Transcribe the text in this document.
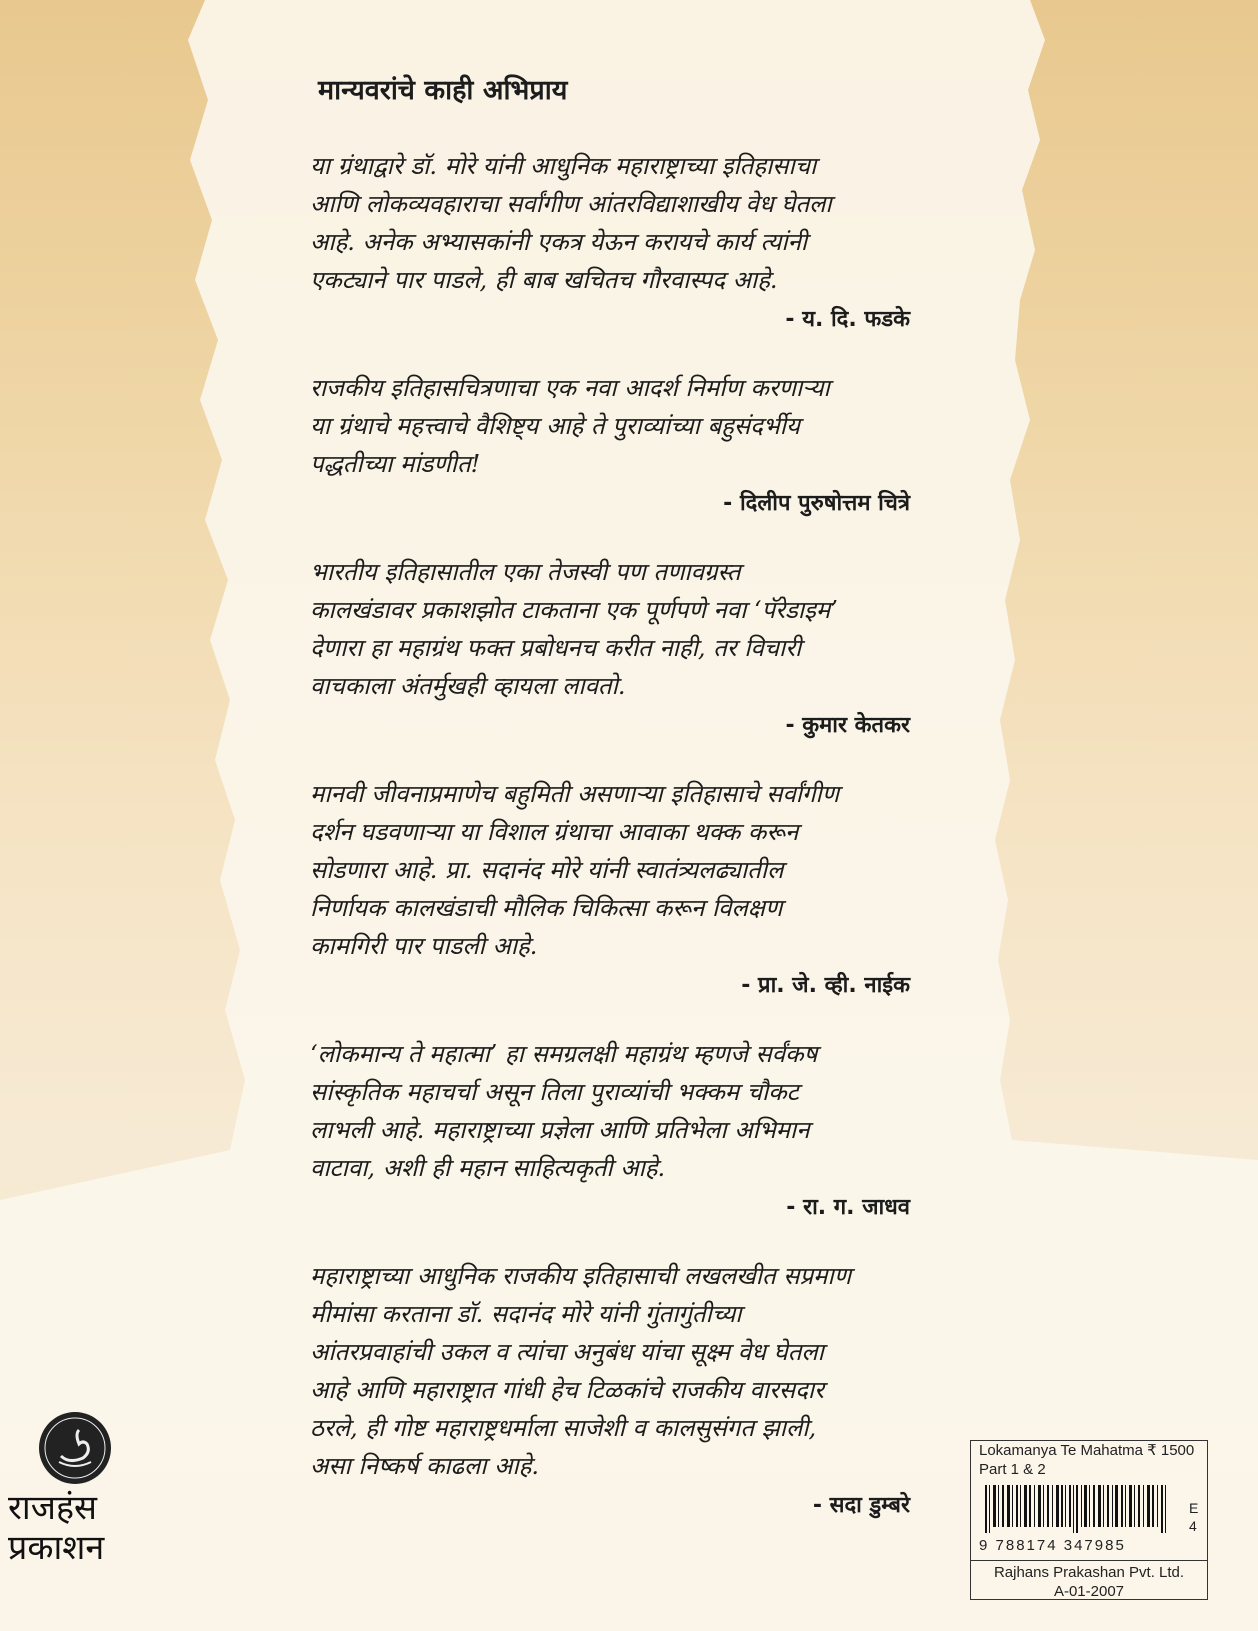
मान्यवरांचे काही अभिप्राय

या ग्रंथाद्वारे डॉ. मोरे यांनी आधुनिक महाराष्ट्राच्या इतिहासाचा
आणि लोकव्यवहाराचा सर्वांगीण आंतरविद्याशाखीय वेध घेतला
आहे. अनेक अभ्यासकांनी एकत्र येऊन करायचे कार्य त्यांनी
एकट्याने पार पाडले, ही बाब खचितच गौरवास्पद आहे.

- य. दि. फडके

राजकीय इतिहासचित्रणाचा एक नवा आदर्श निर्माण करणाऱ्या
या ग्रंथाचे महत्त्वाचे वैशिष्ट्य आहे ते पुराव्यांच्या बहुसंदर्भीय
पद्धतीच्या मांडणीत!

- दिलीप पुरुषोत्तम चित्रे

भारतीय इतिहासातील एका तेजस्वी पण तणावग्रस्त
कालखंडावर प्रकाशझोत टाकताना एक पूर्णपणे नवा ‘पॅरेडाइम’
देणारा हा महाग्रंथ फक्त प्रबोधनच करीत नाही, तर विचारी
वाचकाला अंतर्मुखही व्हायला लावतो.

- कुमार केतकर

मानवी जीवनाप्रमाणेच बहुमिती असणाऱ्या इतिहासाचे सर्वांगीण
दर्शन घडवणाऱ्या या विशाल ग्रंथाचा आवाका थक्क करून
सोडणारा आहे. प्रा. सदानंद मोरे यांनी स्वातंत्र्यलढ्यातील
निर्णायक कालखंडाची मौलिक चिकित्सा करून विलक्षण
कामगिरी पार पाडली आहे.

- प्रा. जे. व्ही. नाईक

‘लोकमान्य ते महात्मा’ हा समग्रलक्षी महाग्रंथ म्हणजे सर्वंकष
सांस्कृतिक महाचर्चा असून तिला पुराव्यांची भक्कम चौकट
लाभली आहे. महाराष्ट्राच्या प्रज्ञेला आणि प्रतिभेला अभिमान
वाटावा, अशी ही महान साहित्यकृती आहे.

- रा. ग. जाधव

महाराष्ट्राच्या आधुनिक राजकीय इतिहासाची लखलखीत सप्रमाण
मीमांसा करताना डॉ. सदानंद मोरे यांनी गुंतागुंतीच्या
आंतरप्रवाहांची उकल व त्यांचा अनुबंध यांचा सूक्ष्म वेध घेतला
आहे आणि महाराष्ट्रात गांधी हेच टिळकांचे राजकीय वारसदार
ठरले, ही गोष्ट महाराष्ट्रधर्माला साजेशी व कालसुसंगत झाली,
असा निष्कर्ष काढला आहे.

- सदा डुम्बरे
राजहंस
प्रकाशन
Lokamanya Te Mahatma ₹ 1500
Part 1 & 2
E 4
9 788174 347985
Rajhans Prakashan Pvt. Ltd.
A-01-2007
